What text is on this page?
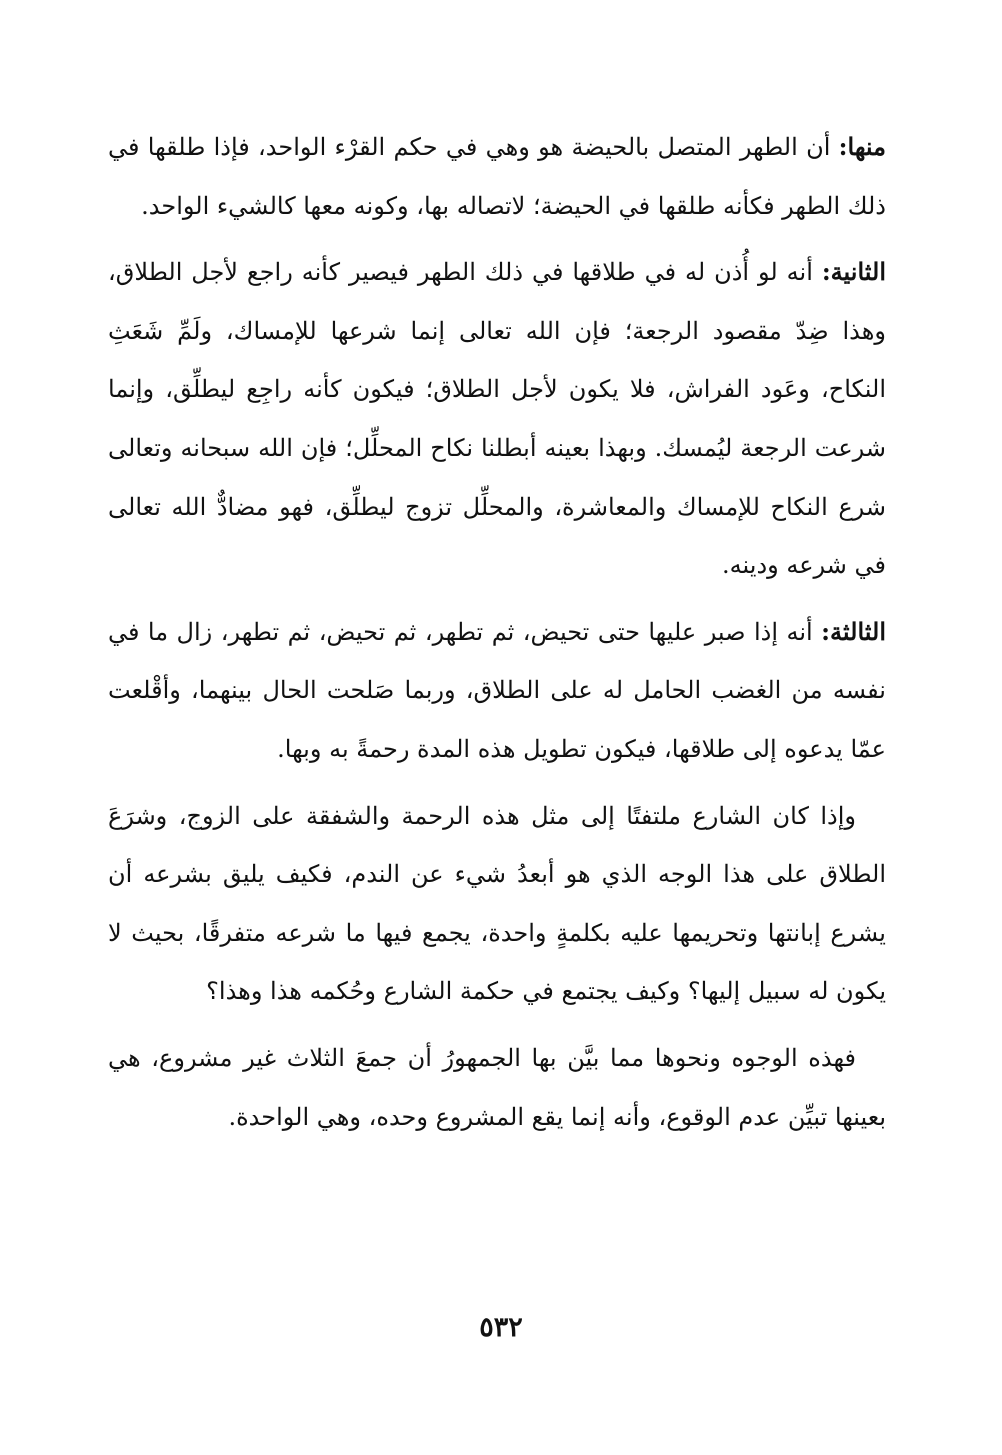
منها: أن الطهر المتصل بالحيضة هو وهي في حكم القرْء الواحد، فإذا طلقها في ذلك الطهر فكأنه طلقها في الحيضة؛ لاتصاله بها، وكونه معها كالشيء الواحد.

الثانية: أنه لو أُذن له في طلاقها في ذلك الطهر فيصير كأنه راجع لأجل الطلاق، وهذا ضِدّ مقصود الرجعة؛ فإن الله تعالى إنما شرعها للإمساك، ولَمِّ شَعَثِ النكاح، وعَود الفراش، فلا يكون لأجل الطلاق؛ فيكون كأنه راجِع ليطلِّق، وإنما شرعت الرجعة ليُمسك. وبهذا بعينه أبطلنا نكاح المحلِّل؛ فإن الله سبحانه وتعالى شرع النكاح للإمساك والمعاشرة، والمحلِّل تزوج ليطلِّق، فهو مضادٌّ الله تعالى في شرعه ودينه.

الثالثة: أنه إذا صبر عليها حتى تحيض، ثم تطهر، ثم تحيض، ثم تطهر، زال ما في نفسه من الغضب الحامل له على الطلاق، وربما صَلحت الحال بينهما، وأقْلعت عمّا يدعوه إلى طلاقها، فيكون تطويل هذه المدة رحمةً به وبها.

وإذا كان الشارع ملتفتًا إلى مثل هذه الرحمة والشفقة على الزوج، وشرَعَ الطلاق على هذا الوجه الذي هو أبعدُ شيء عن الندم، فكيف يليق بشرعه أن يشرع إبانتها وتحريمها عليه بكلمةٍ واحدة، يجمع فيها ما شرعه متفرقًا، بحيث لا يكون له سبيل إليها؟ وكيف يجتمع في حكمة الشارع وحُكمه هذا وهذا؟

فهذه الوجوه ونحوها مما بيَّن بها الجمهورُ أن جمعَ الثلاث غير مشروع، هي بعينها تبيِّن عدم الوقوع، وأنه إنما يقع المشروع وحده، وهي الواحدة.

٥٣٢
